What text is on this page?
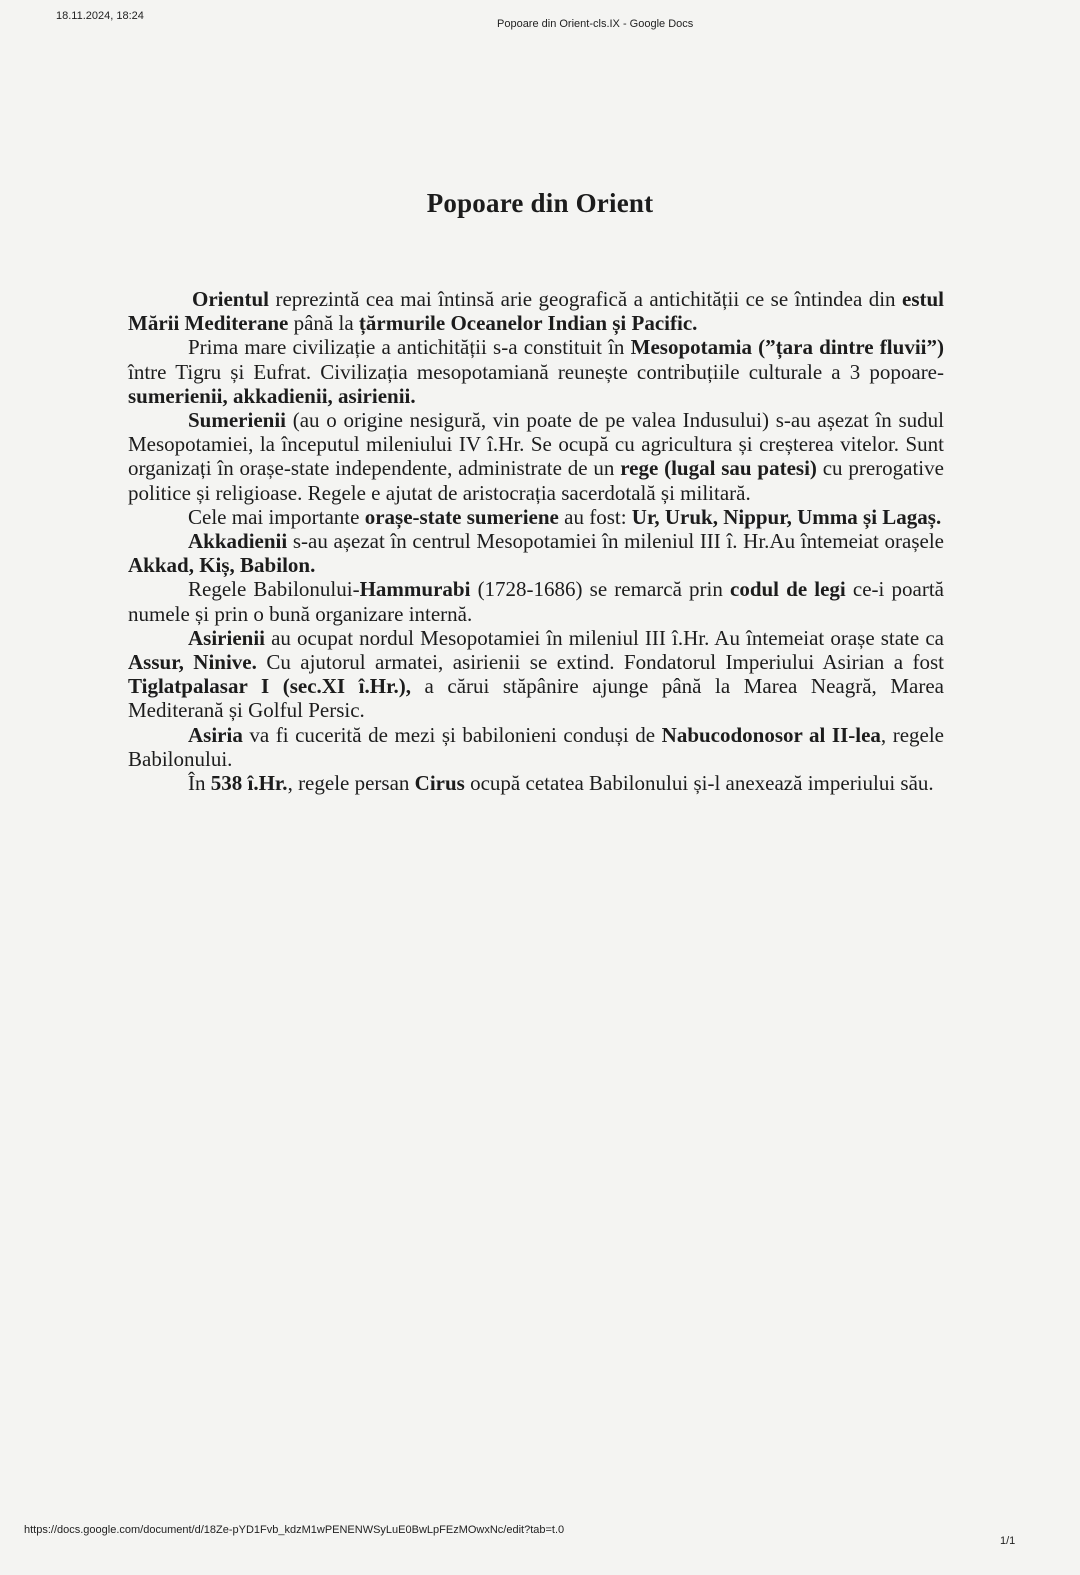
18.11.2024, 18:24
Popoare din Orient-cls.IX - Google Docs
Popoare din Orient

Orientul reprezintă cea mai întinsă arie geografică a antichității ce se întindea din estul Mării Mediterane până la țărmurile Oceanelor Indian și Pacific.

Prima mare civilizație a antichității s-a constituit în Mesopotamia (”țara dintre fluvii”) între Tigru și Eufrat. Civilizația mesopotamiană reunește contribuțiile culturale a 3 popoare-sumerienii, akkadienii, asirienii.

Sumerienii (au o origine nesigură, vin poate de pe valea Indusului) s-au așezat în sudul Mesopotamiei, la începutul mileniului IV î.Hr. Se ocupă cu agricultura și creșterea vitelor. Sunt organizați în orașe-state independente, administrate de un rege (lugal sau patesi) cu prerogative politice și religioase. Regele e ajutat de aristocrația sacerdotală și militară.

Cele mai importante orașe-state sumeriene au fost: Ur, Uruk, Nippur, Umma și Lagaș.

Akkadienii s-au așezat în centrul Mesopotamiei în mileniul III î. Hr.Au întemeiat orașele Akkad, Kiș, Babilon.

Regele Babilonului-Hammurabi (1728-1686) se remarcă prin codul de legi ce-i poartă numele și prin o bună organizare internă.

Asirienii au ocupat nordul Mesopotamiei în mileniul III î.Hr. Au întemeiat orașe state ca Assur, Ninive. Cu ajutorul armatei, asirienii se extind. Fondatorul Imperiului Asirian a fost Tiglatpalasar I (sec.XI î.Hr.), a cărui stăpânire ajunge până la Marea Neagră, Marea Mediterană și Golful Persic.

Asiria va fi cucerită de mezi și babilonieni conduși de Nabucodonosor al II-lea, regele Babilonului.

În 538 î.Hr., regele persan Cirus ocupă cetatea Babilonului și-l anexează imperiului său.

https://docs.google.com/document/d/18Ze-pYD1Fvb_kdzM1wPENENWSyLuE0BwLpFEzMOwxNc/edit?tab=t.0
1/1
